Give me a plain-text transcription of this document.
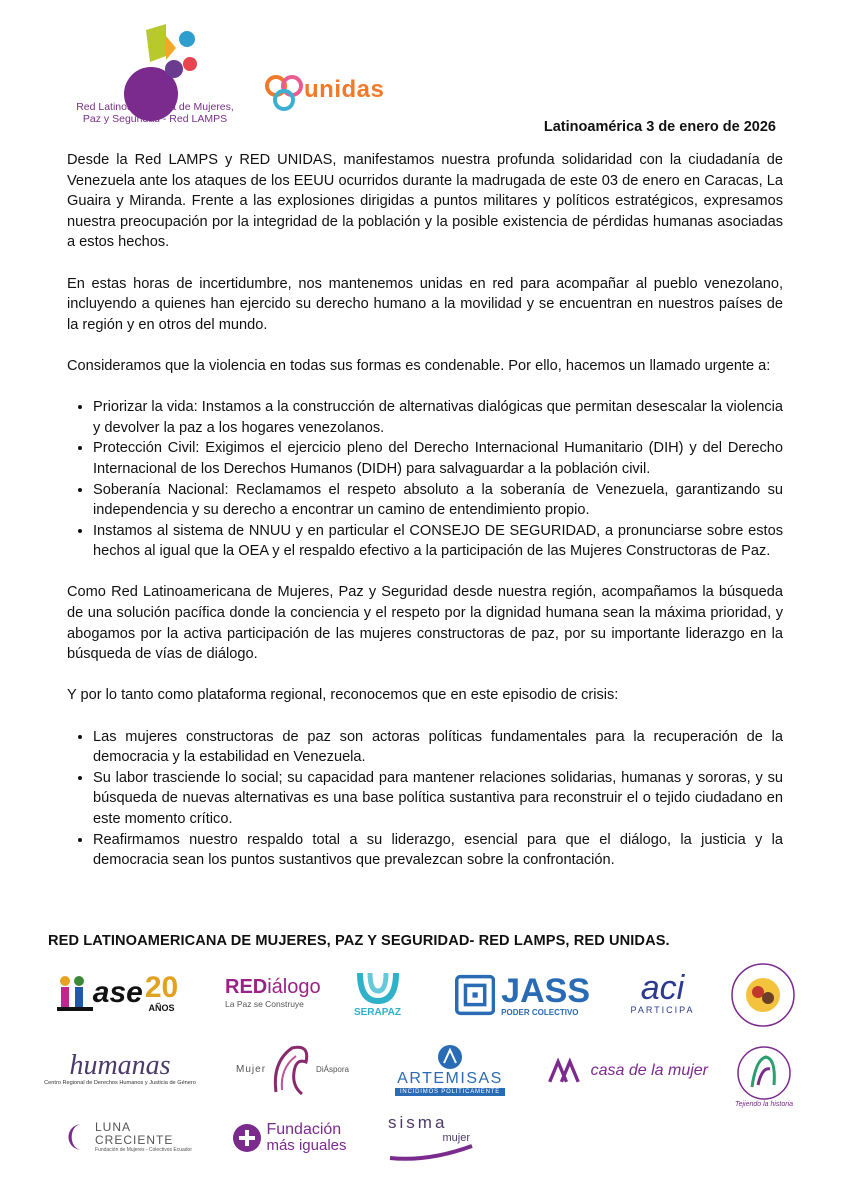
Red Latinoamericana de Mujeres,
Paz y Seguridad - Red LAMPS
unidas
Latinoamérica 3 de enero de 2026

Desde la Red LAMPS y RED UNIDAS, manifestamos nuestra profunda solidaridad con la ciudadanía de Venezuela ante los ataques de los EEUU ocurridos durante la madrugada de este 03 de enero en Caracas, La Guaira y Miranda. Frente a las explosiones dirigidas a puntos militares y políticos estratégicos, expresamos nuestra preocupación por la integridad de la población y la posible existencia de pérdidas humanas asociadas a estos hechos.

En estas horas de incertidumbre, nos mantenemos unidas en red para acompañar al pueblo venezolano, incluyendo a quienes han ejercido su derecho humano a la movilidad y se encuentran en nuestros países de la región y en otros del mundo.

Consideramos que la violencia en todas sus formas es condenable. Por ello, hacemos un llamado urgente a:

• Priorizar la vida: Instamos a la construcción de alternativas dialógicas que permitan desescalar la violencia y devolver la paz a los hogares venezolanos.
• Protección Civil: Exigimos el ejercicio pleno del Derecho Internacional Humanitario (DIH) y del Derecho Internacional de los Derechos Humanos (DIDH) para salvaguardar a la población civil.
• Soberanía Nacional: Reclamamos el respeto absoluto a la soberanía de Venezuela, garantizando su independencia y su derecho a encontrar un camino de entendimiento propio.
• Instamos al sistema de NNUU y en particular el CONSEJO DE SEGURIDAD, a pronunciarse sobre estos hechos al igual que la OEA y el respaldo efectivo a la participación de las Mujeres Constructoras de Paz.

Como Red Latinoamericana de Mujeres, Paz y Seguridad desde nuestra región, acompañamos la búsqueda de una solución pacífica donde la conciencia y el respeto por la dignidad humana sean la máxima prioridad, y abogamos por la activa participación de las mujeres constructoras de paz, por su importante liderazgo en la búsqueda de vías de diálogo.

Y por lo tanto como plataforma regional, reconocemos que en este episodio de crisis:

• Las mujeres constructoras de paz son actoras políticas fundamentales para la recuperación de la democracia y la estabilidad en Venezuela.
• Su labor trasciende lo social; su capacidad para mantener relaciones solidarias, humanas y sororas, y su búsqueda de nuevas alternativas es una base política sustantiva para reconstruir el o tejido ciudadano en este momento crítico.
• Reafirmamos nuestro respaldo total a su liderazgo, esencial para que el diálogo, la justicia y la democracia sean los puntos sustantivos que prevalezcan sobre la confrontación.
RED LATINOAMERICANA DE MUJERES, PAZ Y SEGURIDAD- RED LAMPS, RED UNIDAS.
ase 20
AÑOS
REDiálogo
La Paz se Construye
SERAPAZ
JASS
PODER COLECTIVO
aci
PARTICIPA
humanas
Centro Regional de Derechos Humanos y Justicia de Género
Mujer	DiÁspora
ARTEMISAS
INCIDIMOS POLÍTICAMENTE
casa de la mujer
Tejiendo la historia
LUNA
CRECIENTE
Fundación de Mujeres - Colectivos Ecuador
Fundación
más iguales
sisma
mujer
